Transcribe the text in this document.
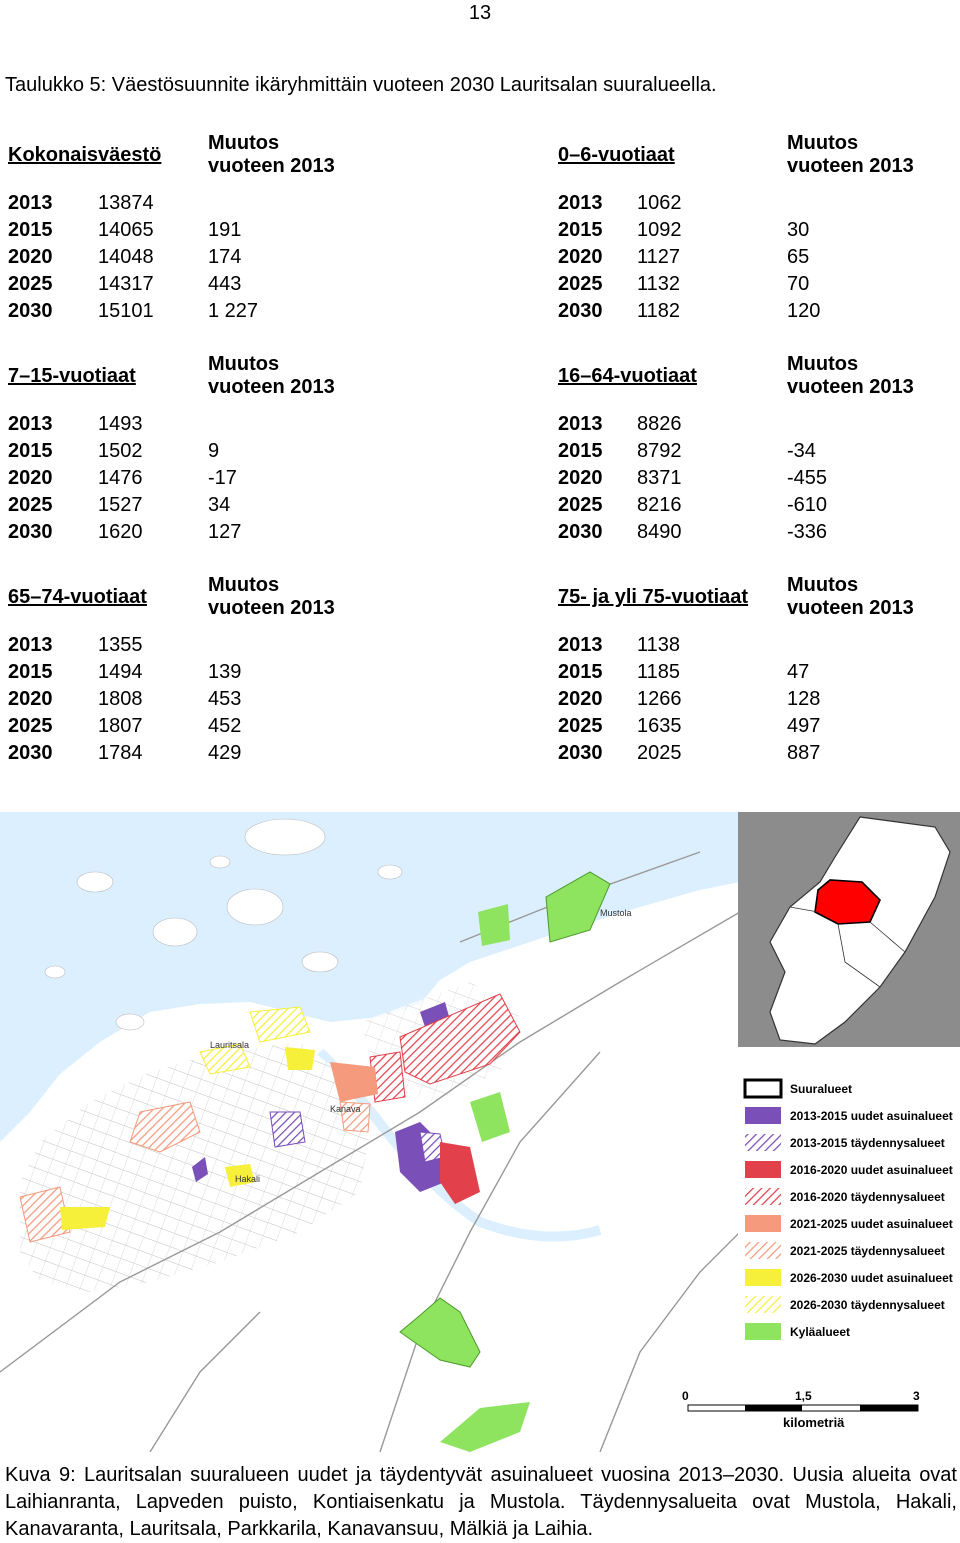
13
Taulukko 5: Väestösuunnite ikäryhmittäin vuoteen 2030 Lauritsalan suuralueella.
Kokonaisväestö
Muutos
vuoteen 2013
2013 13874
2015 14065	191
2020 14048	174
2025 14317	443
2030 15101	1 227
0–6-vuotiaat
Muutos
vuoteen 2013
2013 1062
2015 1092	30
2020 1127	65
2025 1132	70
2030 1182	120
7–15-vuotiaat
Muutos
vuoteen 2013
2013 1493
2015 1502	9
2020 1476	-17
2025 1527	34
2030 1620	127
16–64-vuotiaat
Muutos
vuoteen 2013
2013 8826
2015 8792	-34
2020 8371	-455
2025 8216	-610
2030 8490	-336
65–74-vuotiaat
Muutos
vuoteen 2013
2013 1355
2015 1494	139
2020 1808	453
2025 1807	452
2030 1784	429
75- ja yli 75-vuotiaat
Muutos
vuoteen 2013
2013 1138
2015 1185	47
2020 1266	128
2025 1635	497
2030 2025	887
Mustola
Lauritsala
Hakali
Kanava
Suuralueet
2013-2015 uudet asuinalueet
2013-2015 täydennysalueet
2016-2020 uudet asuinalueet
2016-2020 täydennysalueet
2021-2025 uudet asuinalueet
2021-2025 täydennysalueet
2026-2030 uudet asuinalueet
2026-2030 täydennysalueet
Kyläalueet
0	1,5	3
kilometriä
Kuva 9: Lauritsalan suuralueen uudet ja täydentyvät asuinalueet vuosina 2013–2030. Uusia alueita ovat Laihianranta, Lapveden puisto, Kontiaisenkatu ja Mustola. Täydennysalueita ovat Mustola, Hakali, Kanavaranta, Lauritsala, Parkkarila, Kanavansuu, Mälkiä ja Laihia.
